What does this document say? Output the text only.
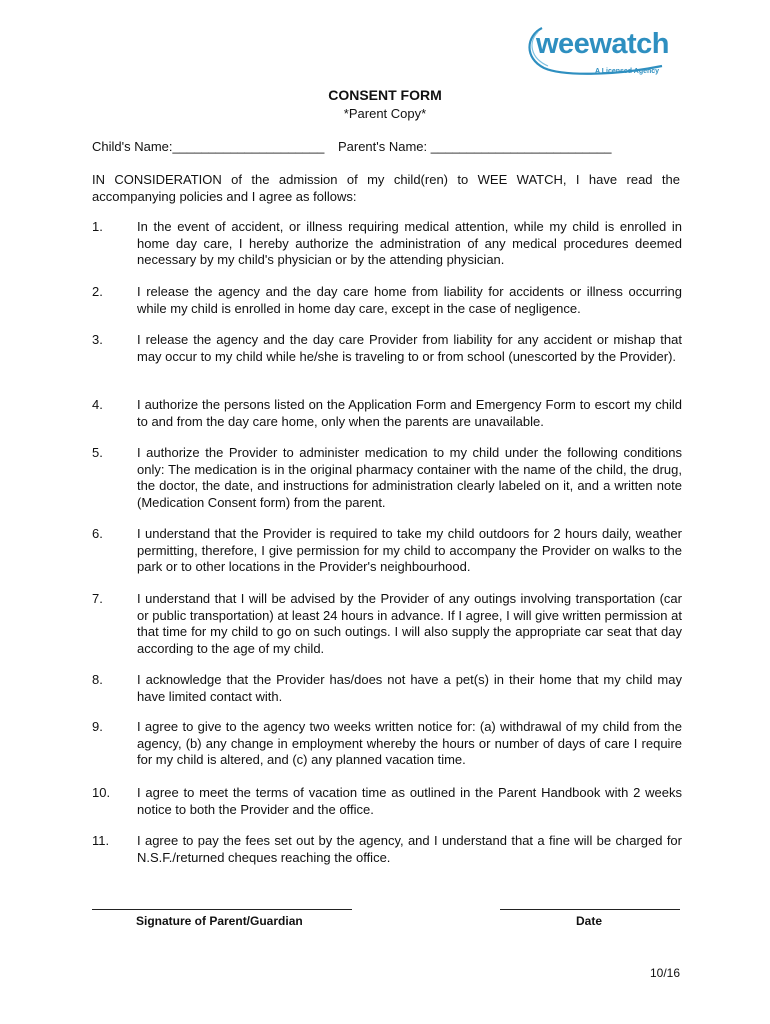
weewatch
A Licensed Agency
CONSENT FORM
*Parent Copy*
Child's Name:_____________________ Parent's Name: _________________________
IN CONSIDERATION of the admission of my child(ren) to WEE WATCH, I have read the accompanying policies and I agree as follows:
1.	In the event of accident, or illness requiring medical attention, while my child is enrolled in home day care, I hereby authorize the administration of any medical procedures deemed necessary by my child's physician or by the attending physician.
2.	I release the agency and the day care home from liability for accidents or illness occurring while my child is enrolled in home day care, except in the case of negligence.
3.	I release the agency and the day care Provider from liability for any accident or mishap that may occur to my child while he/she is traveling to or from school (unescorted by the Provider).
4.	I authorize the persons listed on the Application Form and Emergency Form to escort my child to and from the day care home, only when the parents are unavailable.
5.	I authorize the Provider to administer medication to my child under the following conditions only: The medication is in the original pharmacy container with the name of the child, the drug, the doctor, the date, and instructions for administration clearly labeled on it, and a written note (Medication Consent form) from the parent.
6.	I understand that the Provider is required to take my child outdoors for 2 hours daily, weather permitting, therefore, I give permission for my child to accompany the Provider on walks to the park or to other locations in the Provider's neighbourhood.
7.	I understand that I will be advised by the Provider of any outings involving transportation (car or public transportation) at least 24 hours in advance. If I agree, I will give written permission at that time for my child to go on such outings. I will also supply the appropriate car seat that day according to the age of my child.
8.	I acknowledge that the Provider has/does not have a pet(s) in their home that my child may have limited contact with.
9.	I agree to give to the agency two weeks written notice for: (a) withdrawal of my child from the agency, (b) any change in employment whereby the hours or number of days of care I require for my child is altered, and (c) any planned vacation time.
10.	I agree to meet the terms of vacation time as outlined in the Parent Handbook with 2 weeks notice to both the Provider and the office.
11.	I agree to pay the fees set out by the agency, and I understand that a fine will be charged for N.S.F./returned cheques reaching the office.
Signature of Parent/Guardian	Date
10/16
